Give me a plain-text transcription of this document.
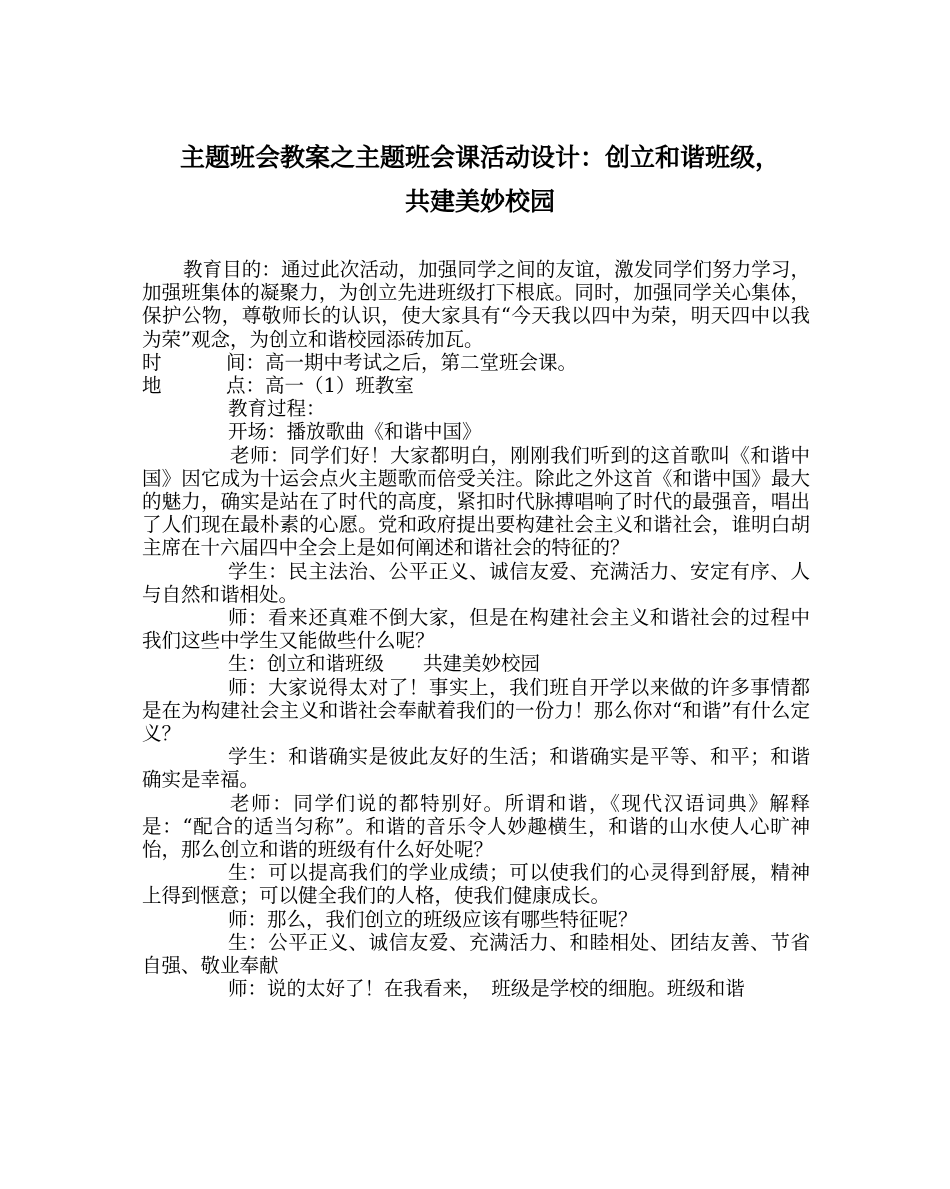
主题班会教案之主题班会课活动设计：创立和谐班级，
共建美妙校园

教育目的：通过此次活动，加强同学之间的友谊，激发同学们努力学习，加强班集体的凝聚力，为创立先进班级打下根底。同时，加强同学关心集体，保护公物，尊敬师长的认识，使大家具有“今天我以四中为荣，明天四中以我为荣”观念，为创立和谐校园添砖加瓦。

时	间：高一期中考试之后，第二堂班会课。

地	点：高一（1）班教室

教育过程：

开场：播放歌曲《和谐中国》

老师：同学们好！大家都明白，刚刚我们听到的这首歌叫《和谐中国》因它成为十运会点火主题歌而倍受关注。除此之外这首《和谐中国》最大的魅力，确实是站在了时代的高度，紧扣时代脉搏唱响了时代的最强音，唱出了人们现在最朴素的心愿。党和政府提出要构建社会主义和谐社会，谁明白胡主席在十六届四中全会上是如何阐述和谐社会的特征的？

学生：民主法治、公平正义、诚信友爱、充满活力、安定有序、人与自然和谐相处。

师：看来还真难不倒大家，但是在构建社会主义和谐社会的过程中我们这些中学生又能做些什么呢？

生：创立和谐班级　　共建美妙校园

师：大家说得太对了！事实上，我们班自开学以来做的许多事情都是在为构建社会主义和谐社会奉献着我们的一份力！那么你对“和谐”有什么定义？

学生：和谐确实是彼此友好的生活；和谐确实是平等、和平；和谐确实是幸福。

老师：同学们说的都特别好。所谓和谐，《现代汉语词典》解释是：“配合的适当匀称”。和谐的音乐令人妙趣横生，和谐的山水使人心旷神怡，那么创立和谐的班级有什么好处呢？

生：可以提高我们的学业成绩；可以使我们的心灵得到舒展，精神上得到惬意；可以健全我们的人格，使我们健康成长。

师：那么，我们创立的班级应该有哪些特征呢？

生：公平正义、诚信友爱、充满活力、和睦相处、团结友善、节省自强、敬业奉献

师：说的太好了！在我看来，　班级是学校的细胞。班级和谐
